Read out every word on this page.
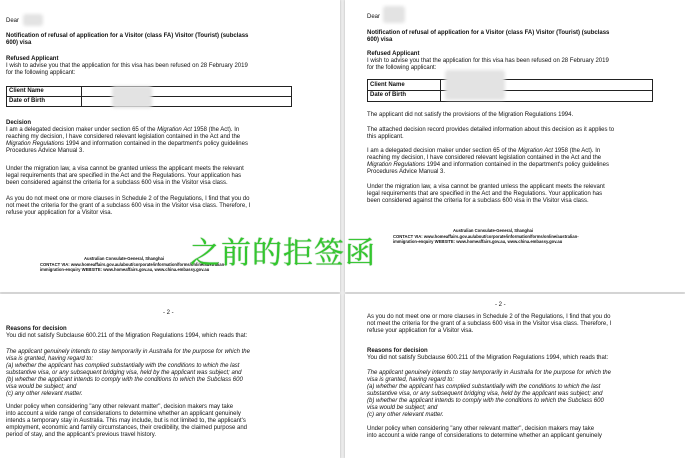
Dear
Notification of refusal of application for a Visitor (class FA) Visitor (Tourist) (subclass
600) visa
Refused Applicant
I wish to advise you that the application for this visa has been refused on 28 February 2019
for the following applicant:
Client Name
Date of Birth
Decision
I am a delegated decision maker under section 65 of the Migration Act 1958 (the Act). In
reaching my decision, I have considered relevant legislation contained in the Act and the
Migration Regulations 1994 and information contained in the department's policy guidelines
Procedures Advice Manual 3.
Under the migration law, a visa cannot be granted unless the applicant meets the relevant
legal requirements that are specified in the Act and the Regulations. Your application has
been considered against the criteria for a subclass 600 visa in the Visitor visa class.
As you do not meet one or more clauses in Schedule 2 of the Regulations, I find that you do
not meet the criteria for the grant of a subclass 600 visa in the Visitor visa class. Therefore, I
refuse your application for a Visitor visa.
Australian Consulate-General, Shanghai
CONTACT VIA: www.homeaffairs.gov.au/about/corporate/information/forms/online/australian-
immigration-enquiry WEBSITE: www.homeaffairs.gov.au, www.china.embassy.gov.au
Dear
Notification of refusal of application for a Visitor (class FA) Visitor (Tourist) (subclass
600) visa
Refused Applicant
I wish to advise you that the application for this visa has been refused on 28 February 2019
for the following applicant:
Client Name
Date of Birth
The applicant did not satisfy the provisions of the Migration Regulations 1994.
The attached decision record provides detailed information about this decision as it applies to
this applicant.
I am a delegated decision maker under section 65 of the Migration Act 1958 (the Act). In
reaching my decision, I have considered relevant legislation contained in the Act and the
Migration Regulations 1994 and information contained in the department's policy guidelines
Procedures Advice Manual 3.
Under the migration law, a visa cannot be granted unless the applicant meets the relevant
legal requirements that are specified in the Act and the Regulations. Your application has
been considered against the criteria for a subclass 600 visa in the Visitor visa class.
Australian Consulate-General, Shanghai
CONTACT VIA: www.homeaffairs.gov.au/about/corporate/information/forms/online/australian-
immigration-enquiry WEBSITE: www.homeaffairs.gov.au, www.china.embassy.gov.au
- 2 -
Reasons for decision
You did not satisfy Subclause 600.211 of the Migration Regulations 1994, which reads that:
The applicant genuinely intends to stay temporarily in Australia for the purpose for which the
visa is granted, having regard to:
(a) whether the applicant has complied substantially with the conditions to which the last
substantive visa, or any subsequent bridging visa, held by the applicant was subject; and
(b) whether the applicant intends to comply with the conditions to which the Subclass 600
visa would be subject; and
(c) any other relevant matter.
Under policy when considering "any other relevant matter", decision makers may take
into account a wide range of considerations to determine whether an applicant genuinely
intends a temporary stay in Australia. This may include, but is not limited to, the applicant's
employment, economic and family circumstances, their credibility, the claimed purpose and
period of stay, and the applicant's previous travel history.
- 2 -
As you do not meet one or more clauses in Schedule 2 of the Regulations, I find that you do
not meet the criteria for the grant of a subclass 600 visa in the Visitor visa class. Therefore, I
refuse your application for a Visitor visa.
Reasons for decision
You did not satisfy Subclause 600.211 of the Migration Regulations 1994, which reads that:
The applicant genuinely intends to stay temporarily in Australia for the purpose for which the
visa is granted, having regard to:
(a) whether the applicant has complied substantially with the conditions to which the last
substantive visa, or any subsequent bridging visa, held by the applicant was subject; and
(b) whether the applicant intends to comply with the conditions to which the Subclass 600
visa would be subject; and
(c) any other relevant matter.
Under policy when considering "any other relevant matter", decision makers may take
into account a wide range of considerations to determine whether an applicant genuinely
之前的拒签函
